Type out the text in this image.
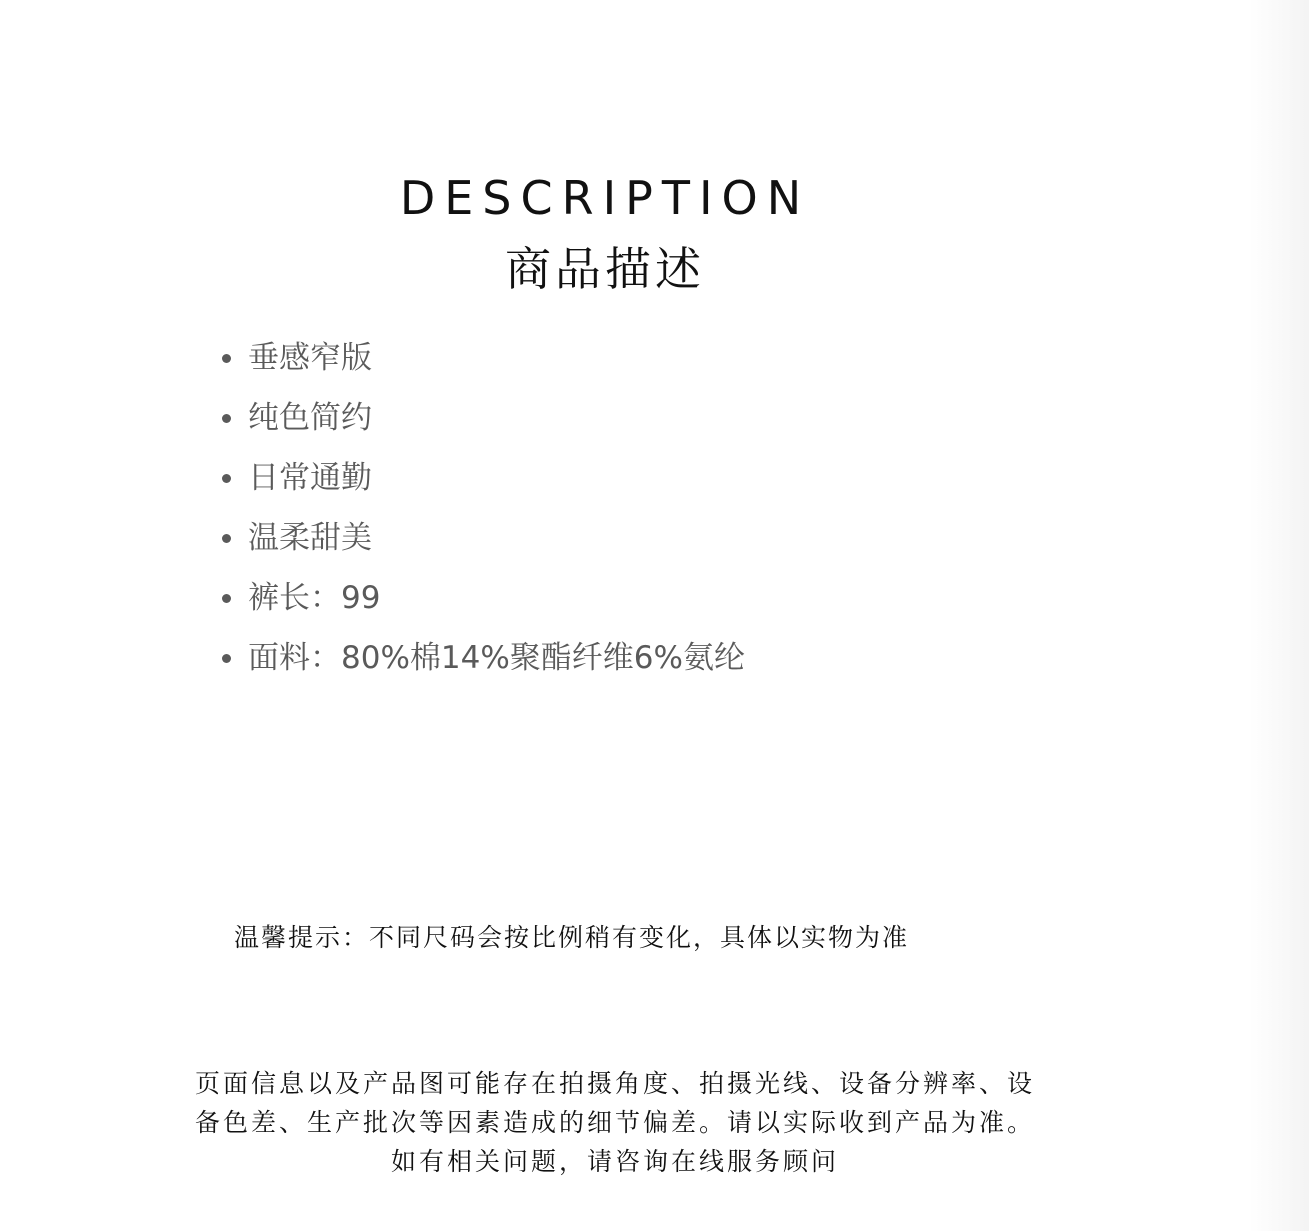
DESCRIPTION
商品描述
垂感窄版
纯色简约
日常通勤
温柔甜美
裤长：99
面料：80%棉14%聚酯纤维6%氨纶
温馨提示：不同尺码会按比例稍有变化，具体以实物为准
页面信息以及产品图可能存在拍摄角度、拍摄光线、设备分辨率、设
备色差、生产批次等因素造成的细节偏差。请以实际收到产品为准。
如有相关问题，请咨询在线服务顾问
